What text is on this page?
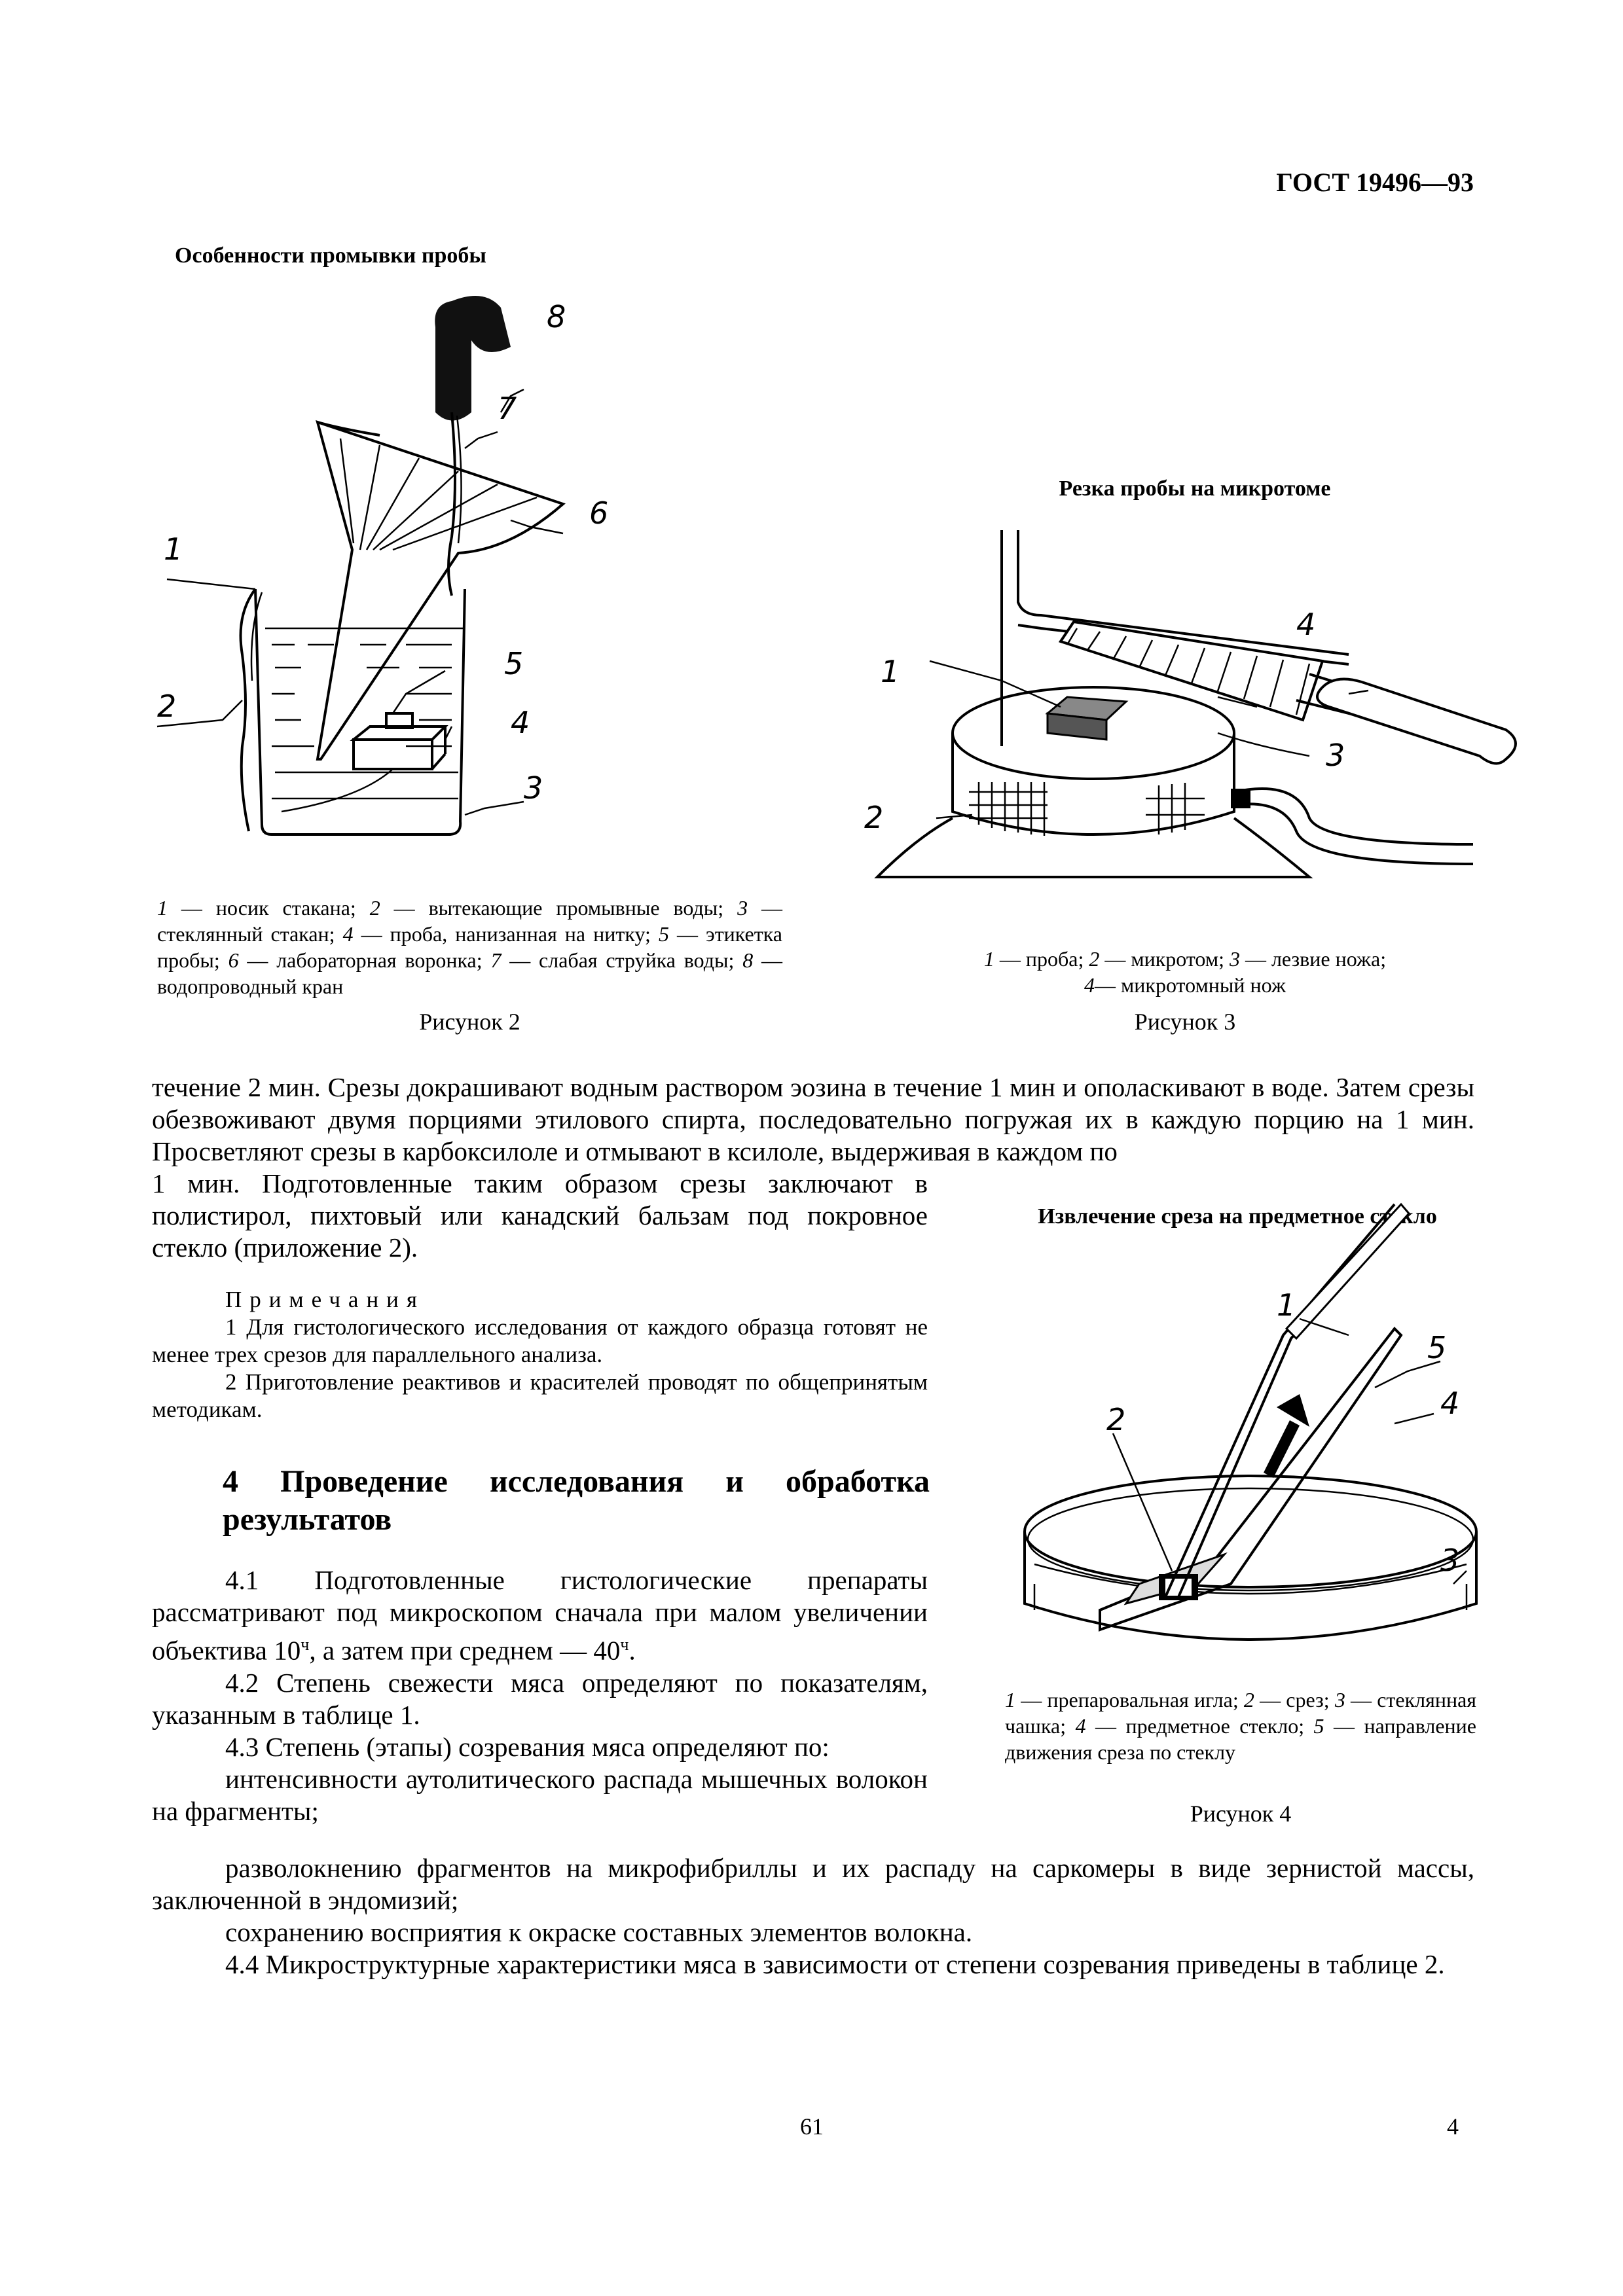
ГОСТ 19496—93
Особенности промывки пробы
1
2
3
4
5
6
7
8
1 — носик стакана; 2 — вытекающие промывные воды; 3 — стеклянный стакан; 4 — проба, нанизанная на нитку; 5 — этикетка пробы; 6 — лабораторная воронка; 7 — слабая струйка воды; 8 — водопроводный кран
Рисунок 2
Резка пробы на микротоме
1
2
3
4
1 — проба; 2 — микротом; 3 — лезвие ножа;
4— микротомный нож
Рисунок 3

течение 2 мин. Срезы докрашивают водным раствором эозина в течение 1 мин и ополаскивают в воде. Затем срезы обезвоживают двумя порциями этилового спирта, последовательно погружая их в каждую порцию на 1 мин. Просветляют срезы в карбоксилоле и отмывают в ксилоле, выдерживая в каждом по

1 мин. Подготовленные таким образом срезы заключают в полистирол, пихтовый или канадский бальзам под покровное стекло (приложение 2).

Примечания

1 Для гистологического исследования от каждого образца готовят не менее трех срезов для параллельного анализа.

2 Приготовление реактивов и красителей проводят по общепринятым методикам.

4 Проведение исследования и обработка результатов

4.1 Подготовленные гистологические препараты рассматривают под микроскопом сначала при малом увеличении объектива $10^ч$, а затем при среднем — $40^ч$.

4.2 Степень свежести мяса определяют по показателям, указанным в таблице 1.

4.3 Степень (этапы) созревания мяса определяют по:

интенсивности аутолитического распада мышечных волокон на фрагменты;

разволокнению фрагментов на микрофибриллы и их распаду на саркомеры в виде зернистой массы, заключенной в эндомизий;

сохранению восприятия к окраске составных элементов волокна.

4.4 Микроструктурные характеристики мяса в зависимости от степени созревания приведены в таблице 2.

Извлечение среза на предметное стекло
1
2
3
4
5
1 — препаровальная игла; 2 — срез; 3 — стеклянная чашка; 4 — предметное стекло; 5 — направление движения среза по стеклу
Рисунок 4
61	4
